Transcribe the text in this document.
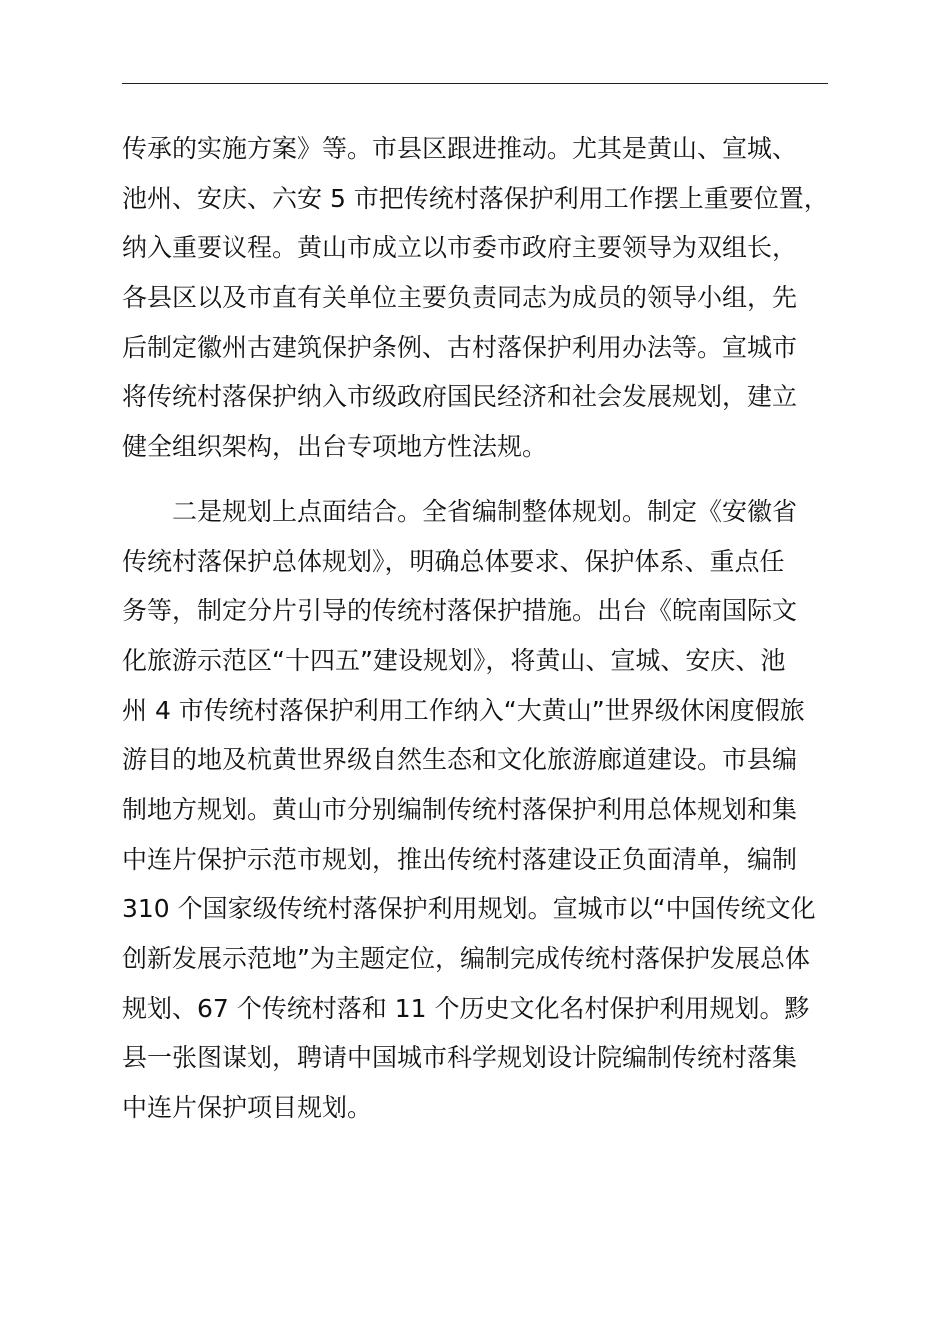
传承的实施方案》等。市县区跟进推动。尤其是黄山、宣城、
池州、安庆、六安 5 市把传统村落保护利用工作摆上重要位置，
纳入重要议程。黄山市成立以市委市政府主要领导为双组长，
各县区以及市直有关单位主要负责同志为成员的领导小组，先
后制定徽州古建筑保护条例、古村落保护利用办法等。宣城市
将传统村落保护纳入市级政府国民经济和社会发展规划，建立
健全组织架构，出台专项地方性法规。
二是规划上点面结合。全省编制整体规划。制定《安徽省
传统村落保护总体规划》，明确总体要求、保护体系、重点任
务等，制定分片引导的传统村落保护措施。出台《皖南国际文
化旅游示范区“十四五”建设规划》，将黄山、宣城、安庆、池
州 4 市传统村落保护利用工作纳入“大黄山”世界级休闲度假旅
游目的地及杭黄世界级自然生态和文化旅游廊道建设。市县编
制地方规划。黄山市分别编制传统村落保护利用总体规划和集
中连片保护示范市规划，推出传统村落建设正负面清单，编制
310 个国家级传统村落保护利用规划。宣城市以“中国传统文化
创新发展示范地”为主题定位，编制完成传统村落保护发展总体
规划、67 个传统村落和 11 个历史文化名村保护利用规划。黟
县一张图谋划，聘请中国城市科学规划设计院编制传统村落集
中连片保护项目规划。
